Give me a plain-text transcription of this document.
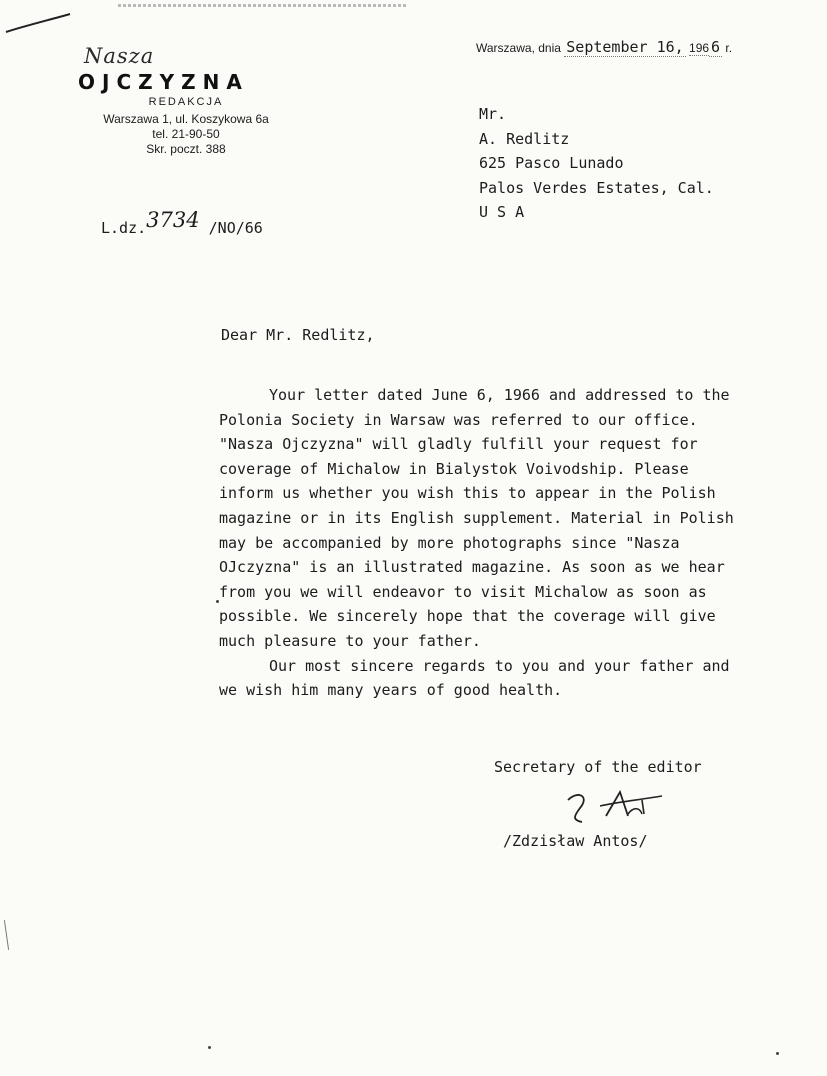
Nasza
OJCZYZNA
REDAKCJA
Warszawa 1, ul. Koszykowa 6a
tel. 21-90-50
Skr. poczt. 388
L.dz.3734 /NO/66
Warszawa, dnia September 16, 196 6 r.
Mr.
A. Redlitz
625 Pasco Lunado
Palos Verdes Estates, Cal.
U S A
Dear Mr. Redlitz,
Your letter dated June 6, 1966 and addressed to the
Polonia Society in Warsaw was referred to our office.
"Nasza Ojczyzna" will gladly fulfill your request for
coverage of Michalow in Bialystok Voivodship. Please
inform us whether you wish this to appear in the Polish
magazine or in its English supplement. Material in Polish
may be accompanied by more photographs since "Nasza
OJczyzna" is an illustrated magazine. As soon as we hear
from you we will endeavor to visit Michalow as soon as
possible. We sincerely hope that the coverage will give
much pleasure to your father.
Our most sincere regards to you and your father and
we wish him many years of good health.
Secretary of the editor
/Zdzisław Antos/
